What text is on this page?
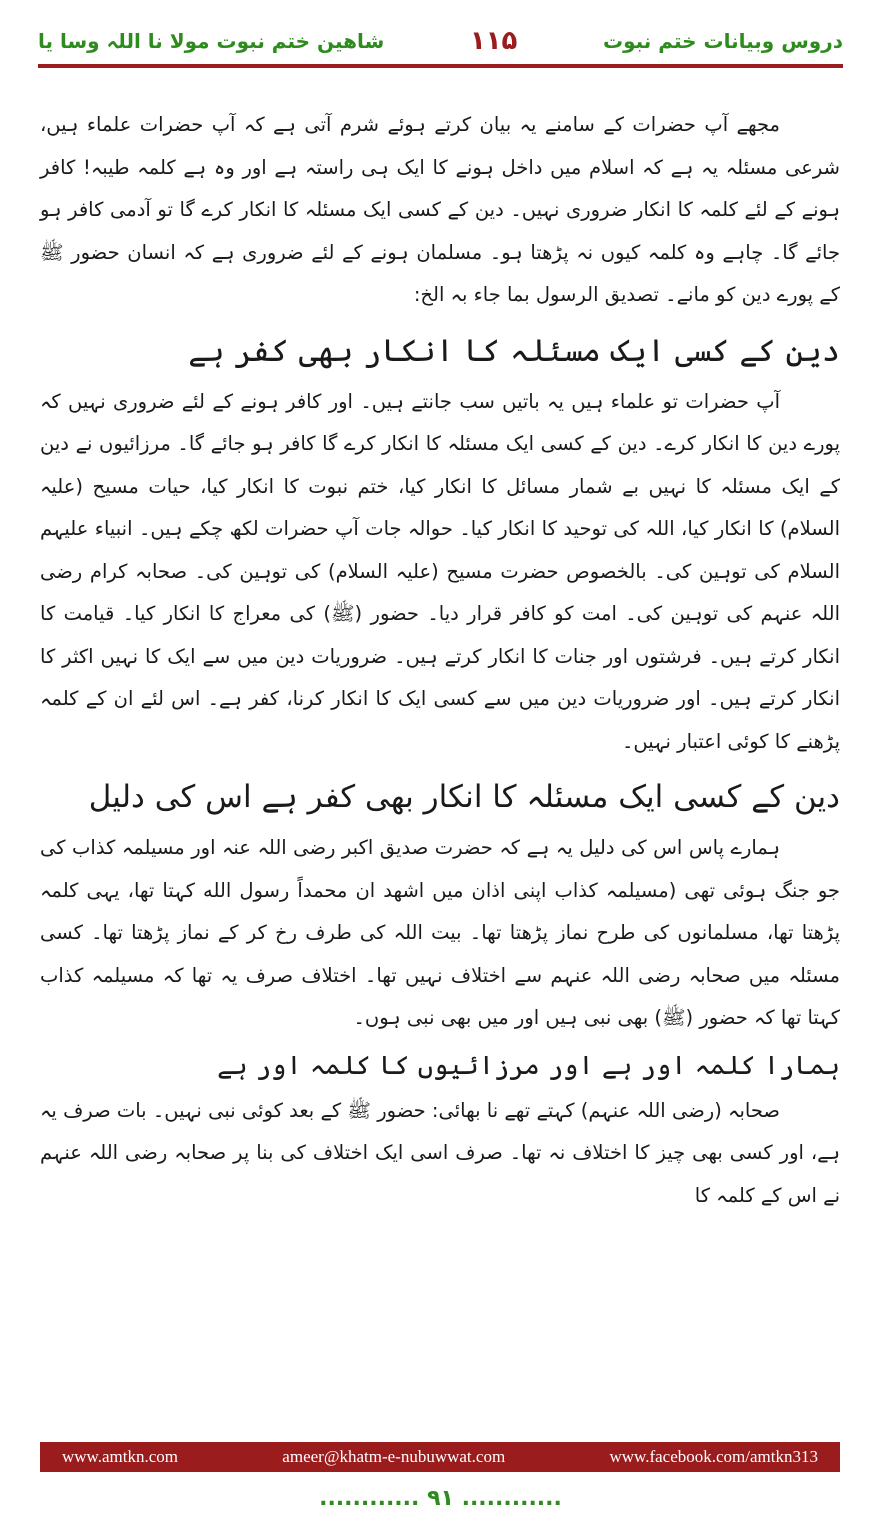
شاهین ختم نبوت مولا نا اللہ وسا یا	۱۱۵	دروس وبیانات ختم نبوت

مجھے آپ حضرات کے سامنے یہ بیان کرتے ہوئے شرم آتی ہے کہ آپ حضرات علماء ہیں، شرعی مسئلہ یہ ہے کہ اسلام میں داخل ہونے کا ایک ہی راستہ ہے اور وہ ہے کلمہ طیبہ! کافر ہونے کے لئے کلمہ کا انکار ضروری نہیں۔ دین کے کسی ایک مسئلہ کا انکار کرے گا تو آدمی کافر ہو جائے گا۔ چاہے وہ کلمہ کیوں نہ پڑھتا ہو۔ مسلمان ہونے کے لئے ضروری ہے کہ انسان حضور ﷺ کے پورے دین کو مانے۔ تصدیق الرسول بما جاء بہ الخ:

دین کے کسی ایک مسئلہ کا انکار بھی کفر ہے

آپ حضرات تو علماء ہیں یہ باتیں سب جانتے ہیں۔ اور کافر ہونے کے لئے ضروری نہیں کہ پورے دین کا انکار کرے۔ دین کے کسی ایک مسئلہ کا انکار کرے گا کافر ہو جائے گا۔ مرزائیوں نے دین کے ایک مسئلہ کا نہیں بے شمار مسائل کا انکار کیا، ختم نبوت کا انکار کیا، حیات مسیح (علیہ السلام) کا انکار کیا، اللہ کی توحید کا انکار کیا۔ حوالہ جات آپ حضرات لکھ چکے ہیں۔ انبیاء علیہم السلام کی توہین کی۔ بالخصوص حضرت مسیح (علیہ السلام) کی توہین کی۔ صحابہ کرام رضی اللہ عنہم کی توہین کی۔ امت کو کافر قرار دیا۔ حضور (ﷺ) کی معراج کا انکار کیا۔ قیامت کا انکار کرتے ہیں۔ فرشتوں اور جنات کا انکار کرتے ہیں۔ ضروریات دین میں سے ایک کا نہیں اکثر کا انکار کرتے ہیں۔ اور ضروریات دین میں سے کسی ایک کا انکار کرنا، کفر ہے۔ اس لئے ان کے کلمہ پڑھنے کا کوئی اعتبار نہیں۔

دین کے کسی ایک مسئلہ کا انکار بھی کفر ہے اس کی دلیل

ہمارے پاس اس کی دلیل یہ ہے کہ حضرت صدیق اکبر رضی اللہ عنہ اور مسیلمہ کذاب کی جو جنگ ہوئی تھی (مسیلمہ کذاب اپنی اذان میں اشهد ان محمداً رسول الله کہتا تھا، یہی کلمہ پڑھتا تھا، مسلمانوں کی طرح نماز پڑھتا تھا۔ بیت اللہ کی طرف رخ کر کے نماز پڑھتا تھا۔ کسی مسئلہ میں صحابہ رضی اللہ عنہم سے اختلاف نہیں تھا۔ اختلاف صرف یہ تھا کہ مسیلمہ کذاب کہتا تھا کہ حضور (ﷺ) بھی نبی ہیں اور میں بھی نبی ہوں۔

ہمارا کلمہ اور ہے اور مرزائیوں کا کلمہ اور ہے

صحابہ (رضی اللہ عنہم) کہتے تھے نا بھائی: حضور ﷺ کے بعد کوئی نبی نہیں۔ بات صرف یہ ہے، اور کسی بھی چیز کا اختلاف نہ تھا۔ صرف اسی ایک اختلاف کی بنا پر صحابہ رضی اللہ عنہم نے اس کے کلمہ کا

www.amtkn.com	ameer@khatm-e-nubuwwat.com	www.facebook.com/amtkn313
............ ۹۱ ............
